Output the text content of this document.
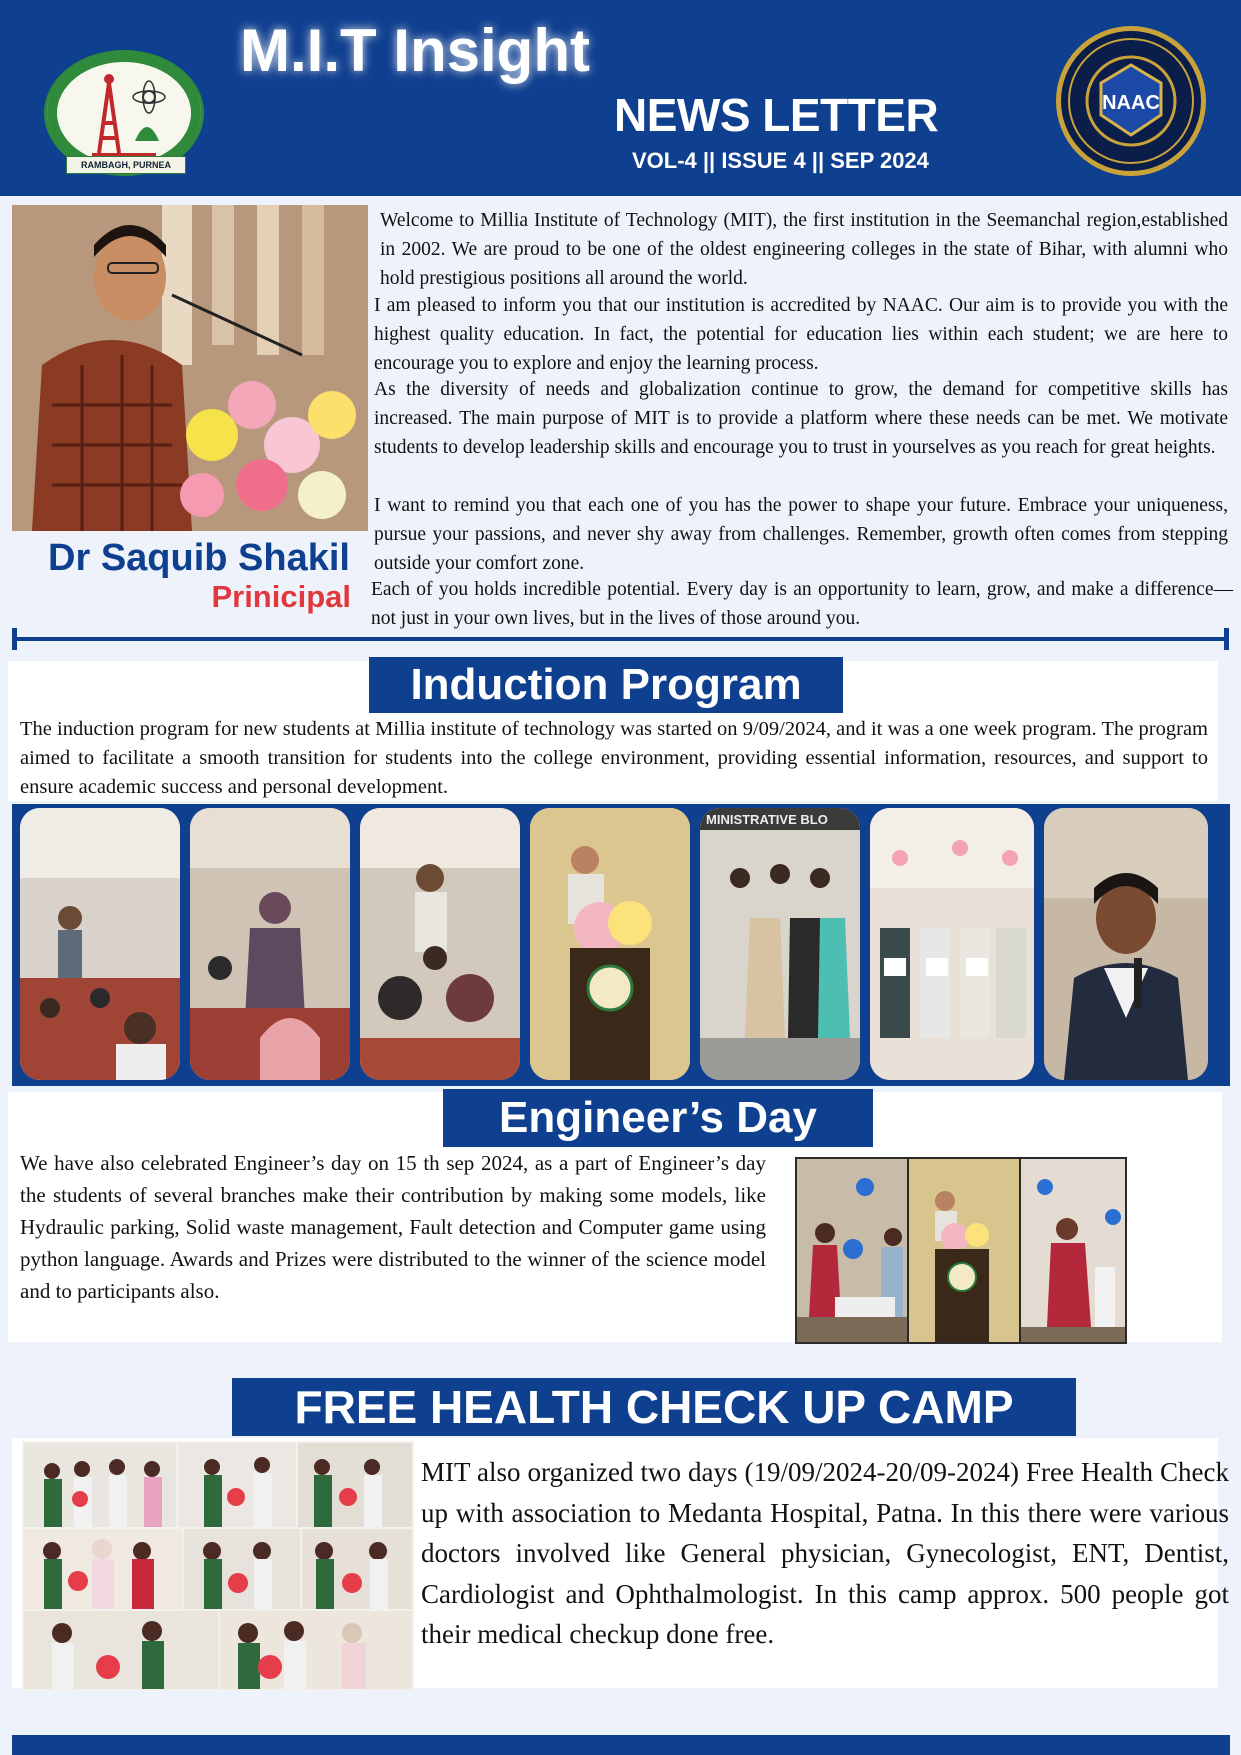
RAMBAGH, PURNEA
M.I.T Insight
NEWS LETTER
VOL-4 || ISSUE 4 || SEP 2024
NAAC
Dr Saquib Shakil
Prinicipal

Welcome to Millia Institute of Technology (MIT), the first institution in the Seemanchal region,established in 2002. We are proud to be one of the oldest engineering colleges in the state of Bihar, with alumni who hold prestigious positions all around the world.

I am pleased to inform you that our institution is accredited by NAAC. Our aim is to provide you with the highest quality education. In fact, the potential for education lies within each student; we are here to encourage you to explore and enjoy the learning process.

As the diversity of needs and globalization continue to grow, the demand for competitive skills has increased. The main purpose of MIT is to provide a platform where these needs can be met. We motivate students to develop leadership skills and encourage you to trust in yourselves as you reach for great heights.

I want to remind you that each one of you has the power to shape your future. Embrace your uniqueness, pursue your passions, and never shy away from challenges. Remember, growth often comes from stepping outside your comfort zone.

Each of you holds incredible potential. Every day is an opportunity to learn, grow, and make a difference—not just in your own lives, but in the lives of those around you.

Induction Program

The induction program for new students at Millia institute of technology was started on 9/09/2024, and it was a one week program. The program aimed to facilitate a smooth transition for students into the college environment, providing essential information, resources, and support to ensure academic success and personal development.

MINISTRATIVE BLO
Engineer’s Day

We have also celebrated Engineer’s day on 15 th sep 2024, as a part of Engineer’s day the students of several branches make their contribution by making some models, like Hydraulic parking, Solid waste management, Fault detection and Computer game using python language. Awards and Prizes were distributed to the winner of the science model and to participants also.

FREE HEALTH CHECK UP CAMP

MIT also organized two days (19/09/2024-20/09-2024) Free Health Check up with association to Medanta Hospital, Patna. In this there were various doctors involved like General physician, Gynecologist, ENT, Dentist, Cardiologist and Ophthalmologist. In this camp approx. 500 people got their medical checkup done free.
